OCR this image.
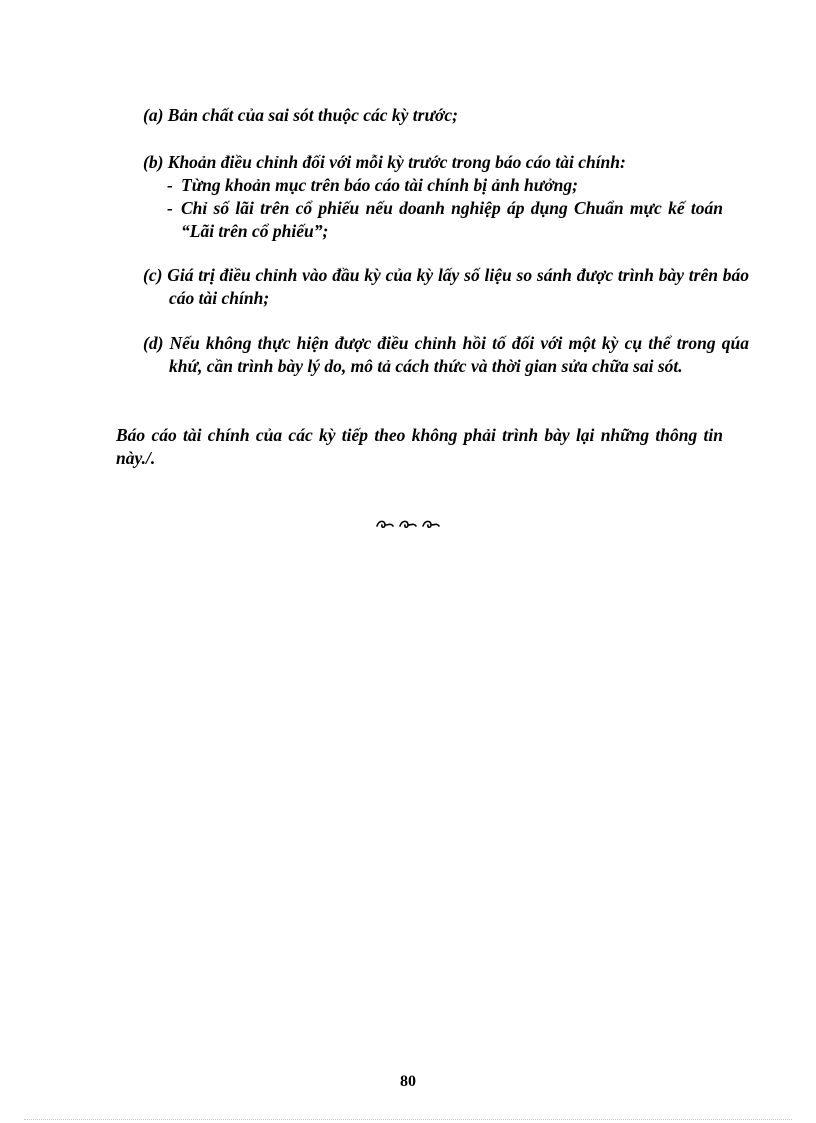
(a) Bản chất của sai sót thuộc các kỳ trước;

(b) Khoản điều chỉnh đối với mỗi kỳ trước trong báo cáo tài chính:
- Từng khoản mục trên báo cáo tài chính bị ảnh hưởng;
- Chỉ số lãi trên cổ phiếu nếu doanh nghiệp áp dụng Chuẩn mực kế toán “Lãi trên cổ phiếu”;

(c) Giá trị điều chỉnh vào đầu kỳ của kỳ lấy số liệu so sánh được trình bày trên báo cáo tài chính;

(d) Nếu không thực hiện được điều chỉnh hồi tố đối với một kỳ cụ thể trong qúa khứ, cần trình bày lý do, mô tả cách thức và thời gian sửa chữa sai sót.

Báo cáo tài chính của các kỳ tiếp theo không phải trình bày lại những thông tin này./.

80
